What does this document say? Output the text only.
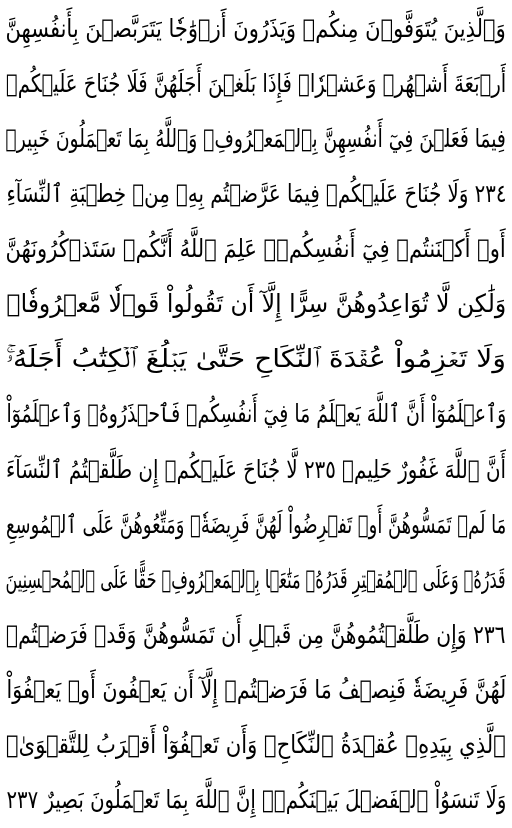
وَٱلَّذِينَ يُتَوَفَّوۡنَ مِنكُمۡ وَيَذَرُونَ أَزۡوَٰجٗا يَتَرَبَّصۡنَ بِأَنفُسِهِنَّ
أَرۡبَعَةَ أَشۡهُرٖ وَعَشۡرٗاۖ فَإِذَا بَلَغۡنَ أَجَلَهُنَّ فَلَا جُنَاحَ عَلَيۡكُمۡ
فِيمَا فَعَلۡنَ فِيٓ أَنفُسِهِنَّ بِٱلۡمَعۡرُوفِۗ وَٱللَّهُ بِمَا تَعۡمَلُونَ خَبِيرٞ
٢٣٤ وَلَا جُنَاحَ عَلَيۡكُمۡ فِيمَا عَرَّضۡتُم بِهِۦ مِنۡ خِطۡبَةِ ٱلنِّسَآءِ
أَوۡ أَكۡنَنتُمۡ فِيٓ أَنفُسِكُمۡۚ عَلِمَ ٱللَّهُ أَنَّكُمۡ سَتَذۡكُرُونَهُنَّ
وَلَٰكِن لَّا تُوَاعِدُوهُنَّ سِرًّا إِلَّآ أَن تَقُولُواْ قَوۡلٗا مَّعۡرُوفٗاۚ
وَلَا تَعۡزِمُواْ عُقۡدَةَ ٱلنِّكَاحِ حَتَّىٰ يَبۡلُغَ ٱلۡكِتَٰبُ أَجَلَهُۥۚ
وَٱعۡلَمُوٓاْ أَنَّ ٱللَّهَ يَعۡلَمُ مَا فِيٓ أَنفُسِكُمۡ فَٱحۡذَرُوهُۚ وَٱعۡلَمُوٓاْ
أَنَّ ٱللَّهَ غَفُورٌ حَلِيمٞ ٢٣٥ لَّا جُنَاحَ عَلَيۡكُمۡ إِن طَلَّقۡتُمُ ٱلنِّسَآءَ
مَا لَمۡ تَمَسُّوهُنَّ أَوۡ تَفۡرِضُواْ لَهُنَّ فَرِيضَةٗۚ وَمَتِّعُوهُنَّ عَلَى ٱلۡمُوسِعِ
قَدَرُهُۥ وَعَلَى ٱلۡمُقۡتِرِ قَدَرُهُۥ مَتَٰعَۢا بِٱلۡمَعۡرُوفِۖ حَقًّا عَلَى ٱلۡمُحۡسِنِينَ
٢٣٦ وَإِن طَلَّقۡتُمُوهُنَّ مِن قَبۡلِ أَن تَمَسُّوهُنَّ وَقَدۡ فَرَضۡتُمۡ
لَهُنَّ فَرِيضَةٗ فَنِصۡفُ مَا فَرَضۡتُمۡ إِلَّآ أَن يَعۡفُونَ أَوۡ يَعۡفُوَاْ
ٱلَّذِي بِيَدِهِۦ عُقۡدَةُ ٱلنِّكَاحِۚ وَأَن تَعۡفُوٓاْ أَقۡرَبُ لِلتَّقۡوَىٰۚ
وَلَا تَنسَوُاْ ٱلۡفَضۡلَ بَيۡنَكُمۡۚ إِنَّ ٱللَّهَ بِمَا تَعۡمَلُونَ بَصِيرٌ ٢٣٧
